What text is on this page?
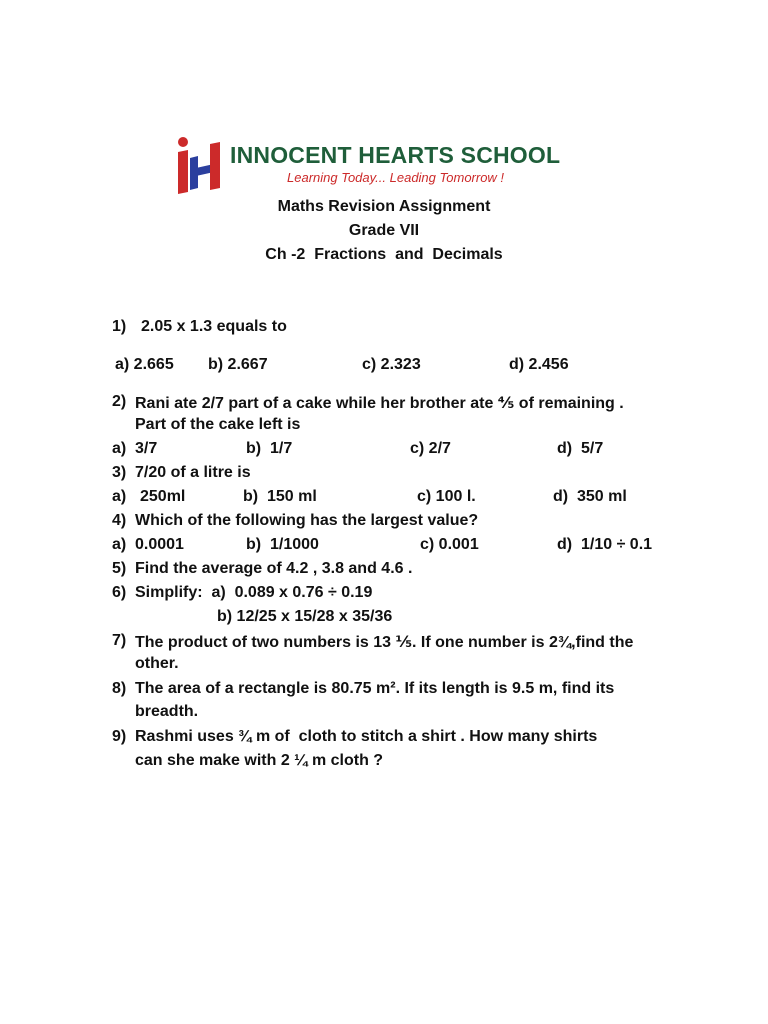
INNOCENT HEARTS SCHOOL
Learning Today... Leading Tomorrow !
Maths Revision Assignment
Grade VII
Ch -2  Fractions  and  Decimals
1) 2.05 x 1.3 equals to
a) 2.665 b) 2.667	c) 2.323	d) 2.456
2) Rani ate 2/7 part of a cake while her brother ate ⅘ of remaining .
Part of the cake left is
a) 3/7	b)  1/7	c) 2/7	d)  5/7
3) 7/20 of a litre is
a) 250ml	b)  150 ml	c) 100 l.	d)  350 ml
4) Which of the following has the largest value?
a) 0.0001	b)  1/1000	c) 0.001	d)  1/10 ÷ 0.1
5) Find the average of 4.2 , 3.8 and 4.6 .
6) Simplify:  a)  0.089 x 0.76 ÷ 0.19
b) 12/25 x 15/28 x 35/36
7) The product of two numbers is 13 ⅕. If one number is 2¾,find the
other.
8) The area of a rectangle is 80.75 m². If its length is 9.5 m, find its
breadth.
9) Rashmi uses ¾ m of  cloth to stitch a shirt . How many shirts
can she make with 2 ¼ m cloth ?
